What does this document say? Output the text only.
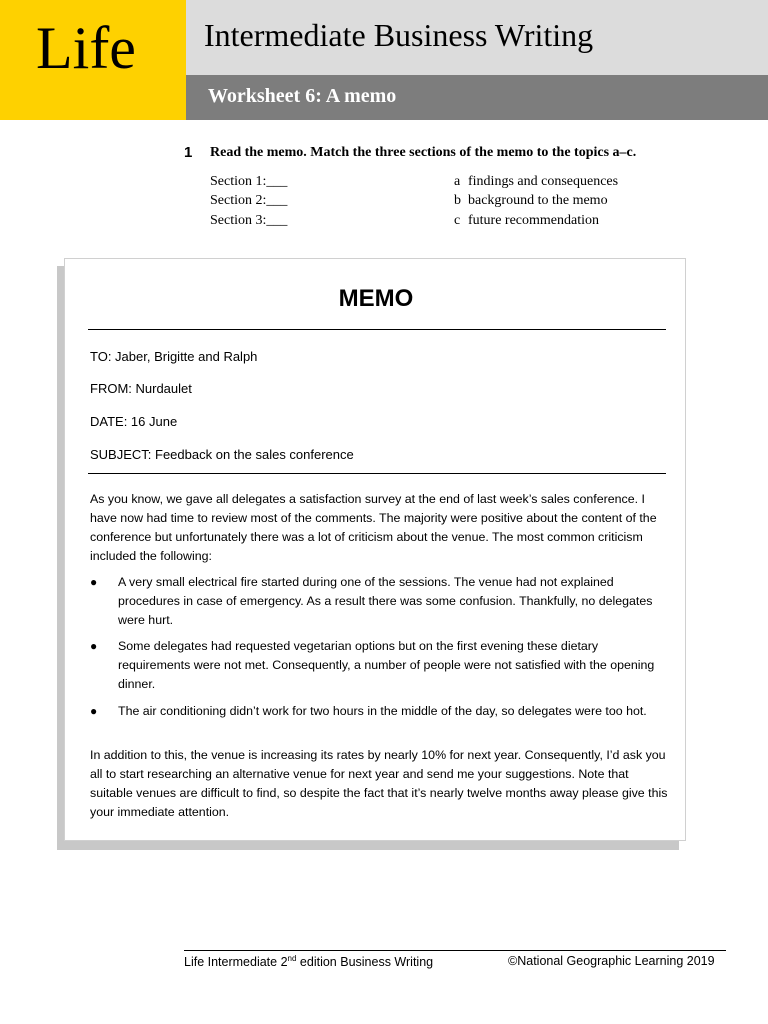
Life Intermediate Business Writing
Worksheet 6: A memo
1 Read the memo. Match the three sections of the memo to the topics a–c.
Section 1:___
Section 2:___
Section 3:___
a findings and consequences
b background to the memo
c future recommendation
MEMO
TO: Jaber, Brigitte and Ralph
FROM: Nurdaulet
DATE: 16 June
SUBJECT: Feedback on the sales conference
As you know, we gave all delegates a satisfaction survey at the end of last week’s sales conference. I have now had time to review most of the comments. The majority were positive about the content of the conference but unfortunately there was a lot of criticism about the venue. The most common criticism included the following:
● A very small electrical fire started during one of the sessions. The venue had not explained procedures in case of emergency. As a result there was some confusion. Thankfully, no delegates were hurt.
● Some delegates had requested vegetarian options but on the first evening these dietary requirements were not met. Consequently, a number of people were not satisfied with the opening dinner.
● The air conditioning didn’t work for two hours in the middle of the day, so delegates were too hot.
In addition to this, the venue is increasing its rates by nearly 10% for next year. Consequently, I’d ask you all to start researching an alternative venue for next year and send me your suggestions. Note that suitable venues are difficult to find, so despite the fact that it’s nearly twelve months away please give this your immediate attention.
Life Intermediate 2nd edition Business Writing	©National Geographic Learning 2019
